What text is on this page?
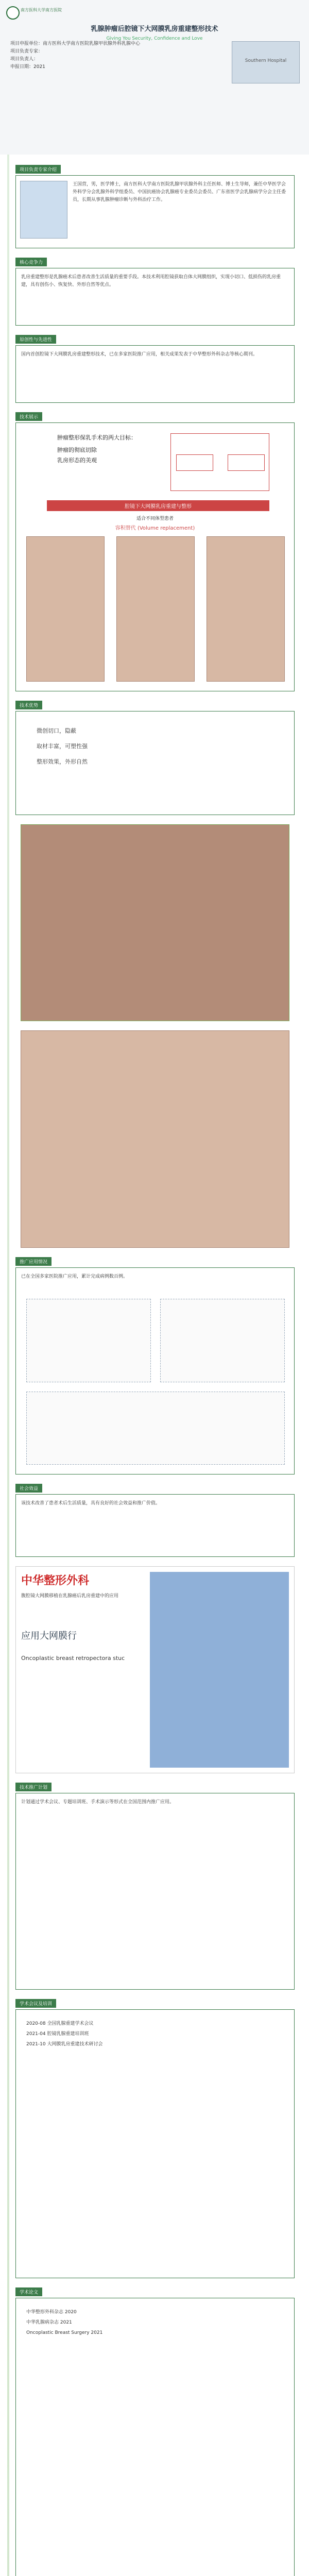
南方医科大学南方医院
乳腺肿瘤后腔镜下大网膜乳房重建整形技术
Giving You Security, Confidence and Love
项目申报单位：南方医科大学南方医院乳腺甲状腺外科乳腺中心
项目负责专家：
项目负责人：
申报日期：2021
Southern Hospital
项目负责专家介绍
王国营，男，医学博士，南方医科大学南方医院乳腺甲状腺外科主任医师、博士生导师，兼任中华医学会外科学分会乳腺外科学组委员、中国抗癌协会乳腺癌专业委员会委员、广东省医学会乳腺病学分会主任委员，长期从事乳腺肿瘤诊断与外科治疗工作。
核心竞争力
乳房重建整形是乳腺癌术后患者改善生活质量的重要手段。本技术利用腔镜获取自体大网膜组织，实现小切口、低损伤的乳房重建，具有创伤小、恢复快、外形自然等优点。
原创性与先进性
国内首创腔镜下大网膜乳房重建整形技术，已在多家医院推广应用，相关成果发表于中华整形外科杂志等核心期刊。
技术展示
肿瘤整形保乳手术的两大目标：
肿瘤的彻底切除
乳房形态的美观
腔镜下大网膜乳房重建与整形
适合不同体型患者
容积替代 (Volume replacement)
技术优势
微创切口，隐蔽
取材丰富，可塑性强
整形效果，外形自然
推广应用情况
已在全国多家医院推广应用，累计完成病例数百例。
社会效益
该技术改善了患者术后生活质量，具有良好的社会效益和推广价值。
中华整形外科
腹腔镜大网膜移植在乳腺癌后乳房重建中的应用
应用大网膜行
Oncoplastic breast retropectora stuc
技术推广计划
计划通过学术会议、专题培训班、手术演示等形式在全国范围内推广应用。
学术会议及培训
2020-08 全国乳腺重建学术会议
2021-04 腔镜乳腺重建培训班
2021-10 大网膜乳房重建技术研讨会
学术论文
中华整形外科杂志 2020
中华乳腺病杂志 2021
Oncoplastic Breast Surgery 2021
